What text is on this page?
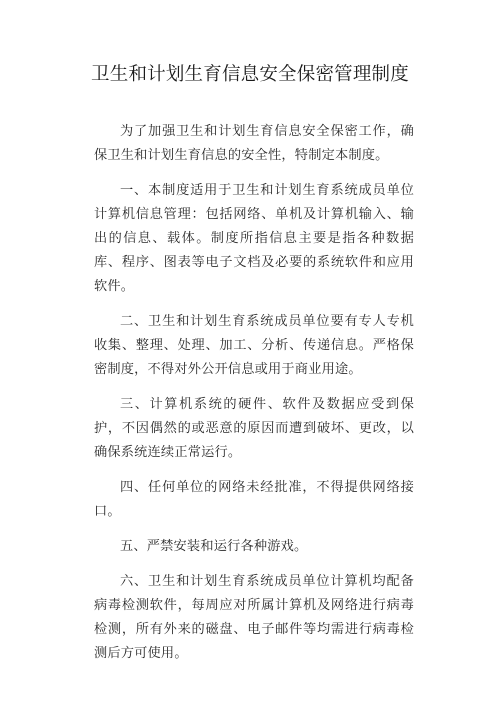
卫生和计划生育信息安全保密管理制度

为了加强卫生和计划生育信息安全保密工作，确保卫生和计划生育信息的安全性，特制定本制度。

一、本制度适用于卫生和计划生育系统成员单位计算机信息管理：包括网络、单机及计算机输入、输出的信息、载体。制度所指信息主要是指各种数据库、程序、图表等电子文档及必要的系统软件和应用软件。

二、卫生和计划生育系统成员单位要有专人专机收集、整理、处理、加工、分析、传递信息。严格保密制度，不得对外公开信息或用于商业用途。

三、计算机系统的硬件、软件及数据应受到保护，不因偶然的或恶意的原因而遭到破坏、更改，以确保系统连续正常运行。

四、任何单位的网络未经批准，不得提供网络接口。

五、严禁安装和运行各种游戏。

六、卫生和计划生育系统成员单位计算机均配备病毒检测软件，每周应对所属计算机及网络进行病毒检测，所有外来的磁盘、电子邮件等均需进行病毒检测后方可使用。
